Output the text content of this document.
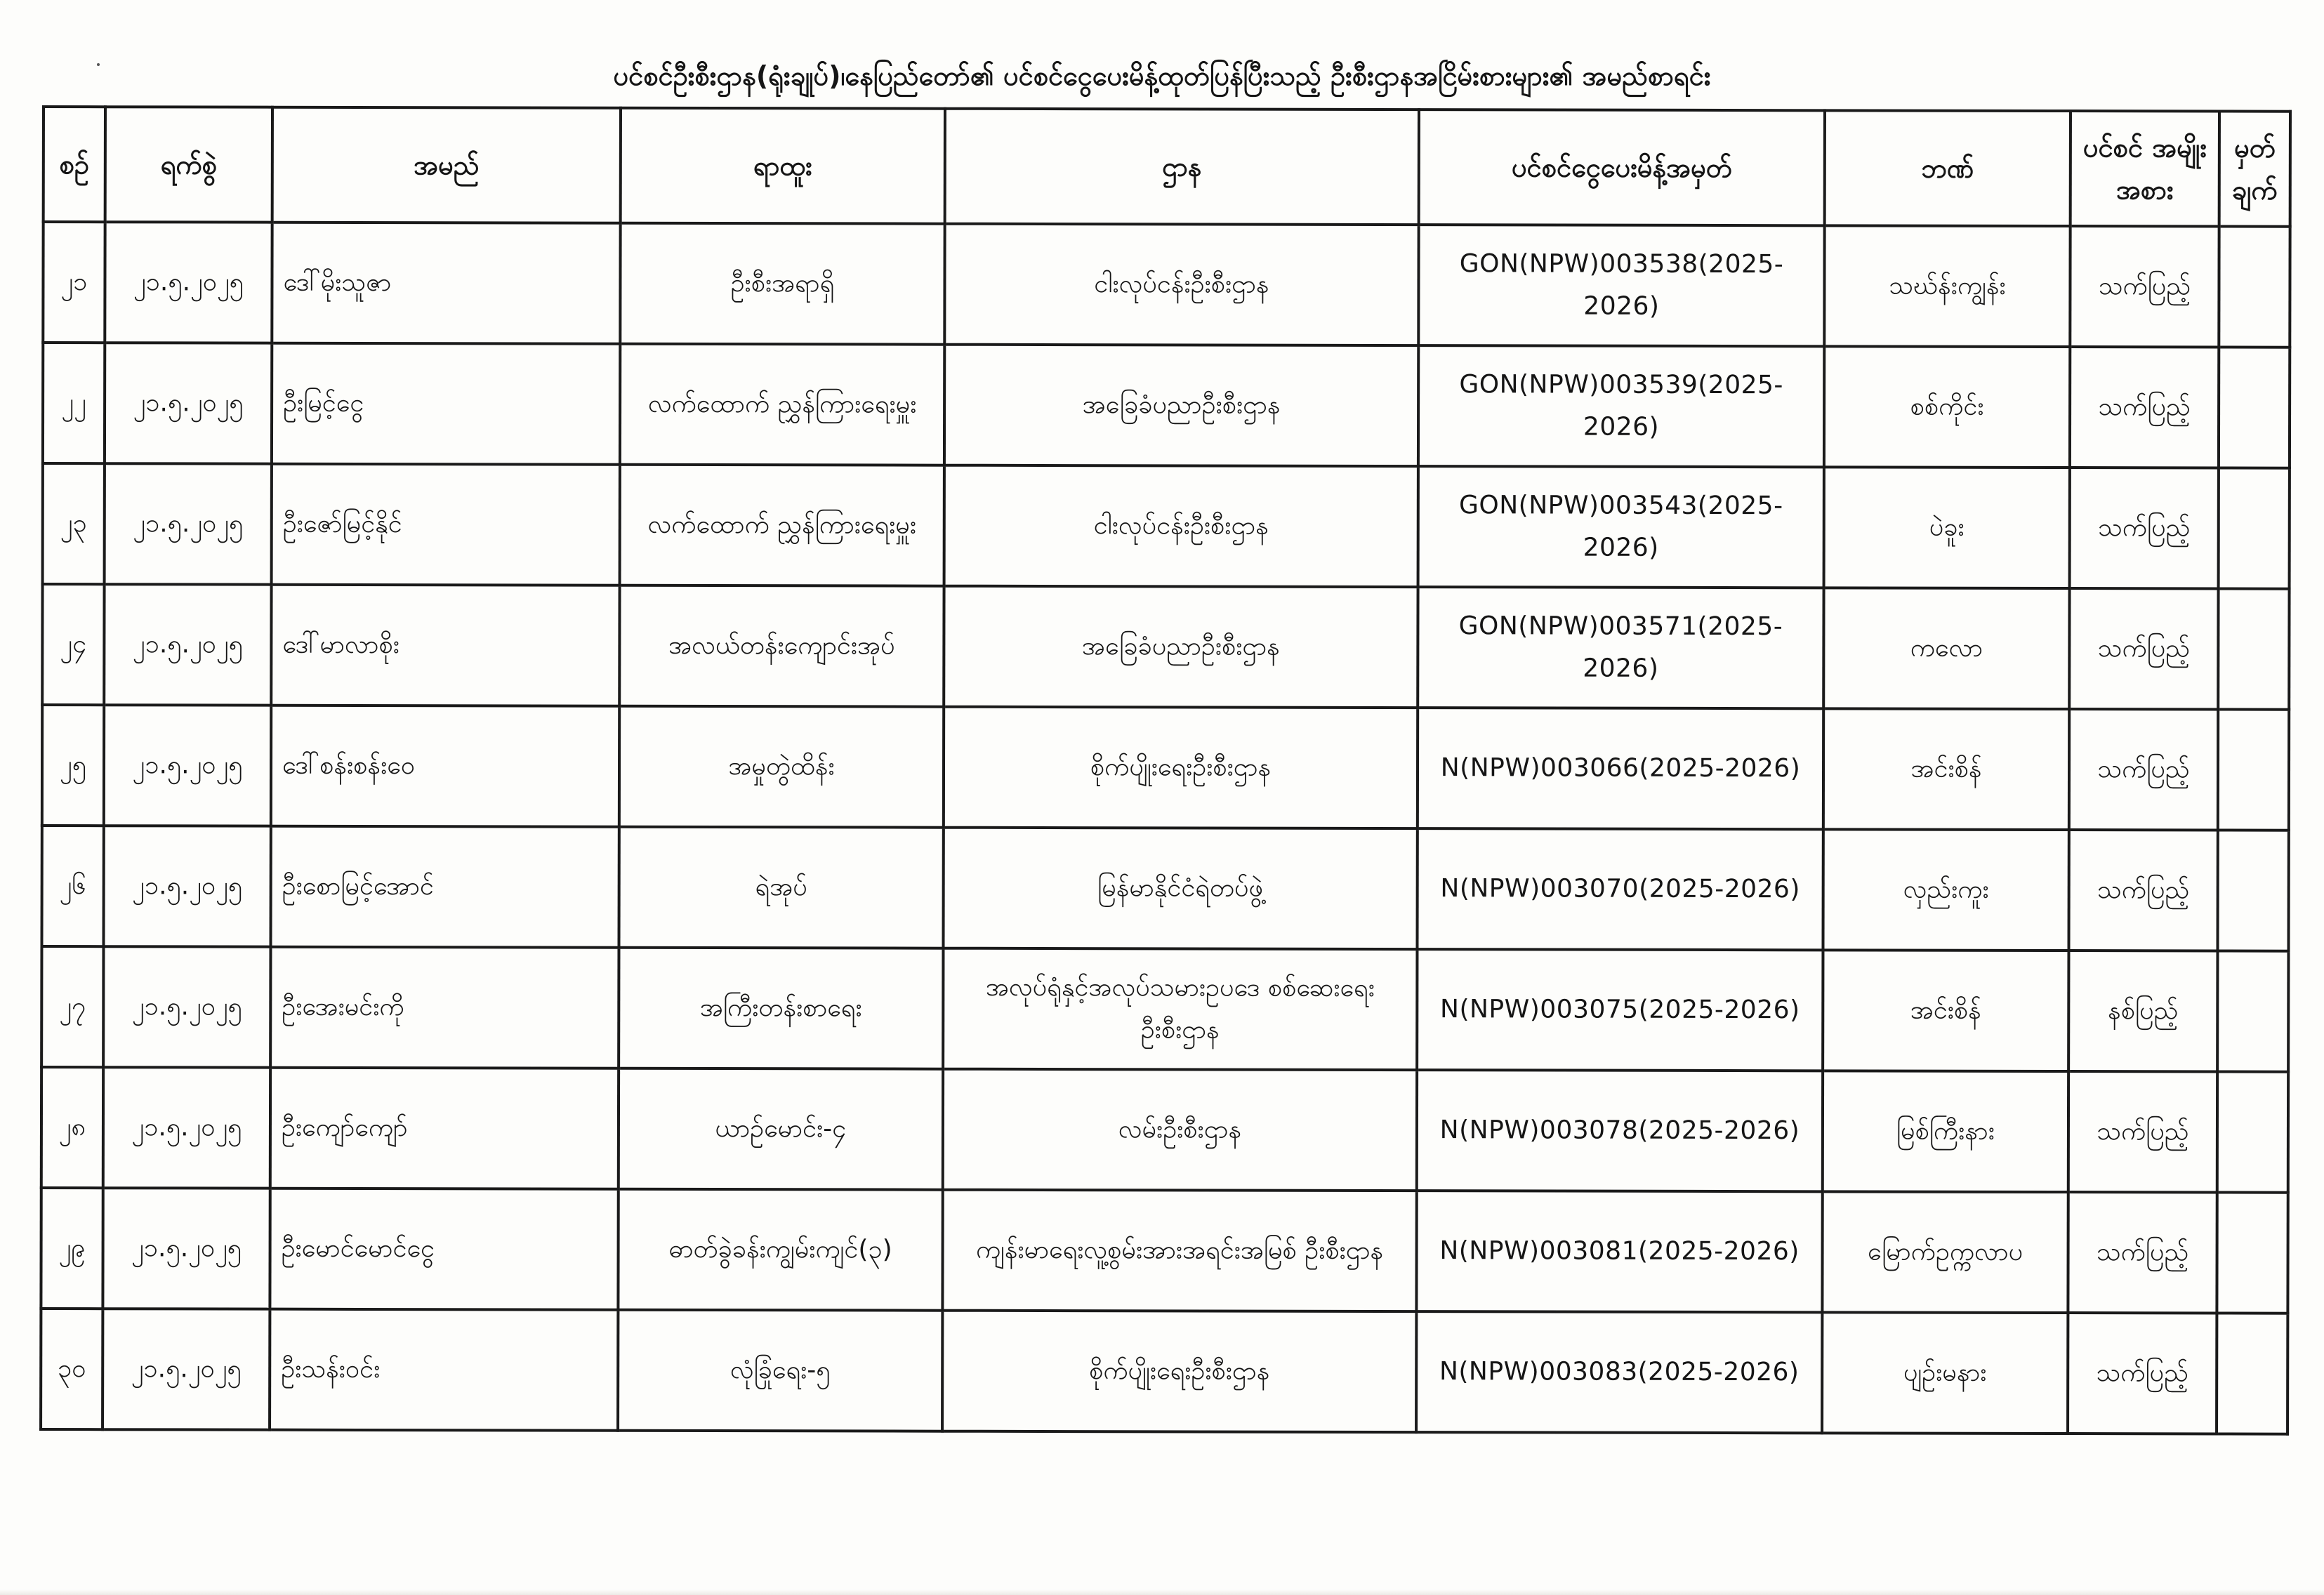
ပင်စင်ဦးစီးဌာန(ရုံးချုပ်)၊နေပြည်တော်၏ ပင်စင်ငွေပေးမိန့်ထုတ်ပြန်ပြီးသည့် ဦးစီးဌာနအငြိမ်းစားများ၏ အမည်စာရင်း
စဉ်	ရက်စွဲ	အမည်	ရာထူး	ဌာန	ပင်စင်ငွေပေးမိန့်အမှတ်	ဘဏ်	ပင်စင် အမျိုးအစား	မှတ် ချက်
၂၁	၂၁.၅.၂၀၂၅	ဒေါ်မိုးသူဇာ	ဦးစီးအရာရှိ	ငါးလုပ်ငန်းဦးစီးဌာန	GON(NPW)003538(2025-2026)	သဃ်န်းကျွန်း	သက်ပြည့်	
၂၂	၂၁.၅.၂၀၂၅	ဦးမြင့်ငွေ	လက်ထောက် ညွှန်ကြားရေးမှူး	အခြေခံပညာဦးစီးဌာန	GON(NPW)003539(2025-2026)	စစ်ကိုင်း	သက်ပြည့်	
၂၃	၂၁.၅.၂၀၂၅	ဦးဇော်မြင့်နိုင်	လက်ထောက် ညွှန်ကြားရေးမှူး	ငါးလုပ်ငန်းဦးစီးဌာန	GON(NPW)003543(2025-2026)	ပဲခူး	သက်ပြည့်	
၂၄	၂၁.၅.၂၀၂၅	ဒေါ်မာလာစိုး	အလယ်တန်းကျောင်းအုပ်	အခြေခံပညာဦးစီးဌာန	GON(NPW)003571(2025-2026)	ကလော	သက်ပြည့်	
၂၅	၂၁.၅.၂၀၂၅	ဒေါ်စန်းစန်းဝေ	အမှုတွဲထိန်း	စိုက်ပျိုးရေးဦးစီးဌာန	N(NPW)003066(2025-2026)	အင်းစိန်	သက်ပြည့်	
၂၆	၂၁.၅.၂၀၂၅	ဦးစောမြင့်အောင်	ရဲအုပ်	မြန်မာနိုင်ငံရဲတပ်ဖွဲ့	N(NPW)003070(2025-2026)	လှည်းကူး	သက်ပြည့်	
၂၇	၂၁.၅.၂၀၂၅	ဦးအေးမင်းကို	အကြီးတန်းစာရေး	အလုပ်ရုံနှင့်အလုပ်သမားဥပဒေ စစ်ဆေးရေးဦးစီးဌာန	N(NPW)003075(2025-2026)	အင်းစိန်	နစ်ပြည့်	
၂၈	၂၁.၅.၂၀၂၅	ဦးကျော်ကျော်	ယာဉ်မောင်း-၄	လမ်းဦးစီးဌာန	N(NPW)003078(2025-2026)	မြစ်ကြီးနား	သက်ပြည့်	
၂၉	၂၁.၅.၂၀၂၅	ဦးမောင်မောင်ငွေ	ဓာတ်ခွဲခန်းကျွမ်းကျင်(၃)	ကျန်းမာရေးလူ့စွမ်းအားအရင်းအမြစ် ဦးစီးဌာန	N(NPW)003081(2025-2026)	မြောက်ဥက္ကလာပ	သက်ပြည့်	
၃၀	၂၁.၅.၂၀၂၅	ဦးသန်းဝင်း	လုံခြုံရေး-၅	စိုက်ပျိုးရေးဦးစီးဌာန	N(NPW)003083(2025-2026)	ပျဉ်းမနား	သက်ပြည့်	
